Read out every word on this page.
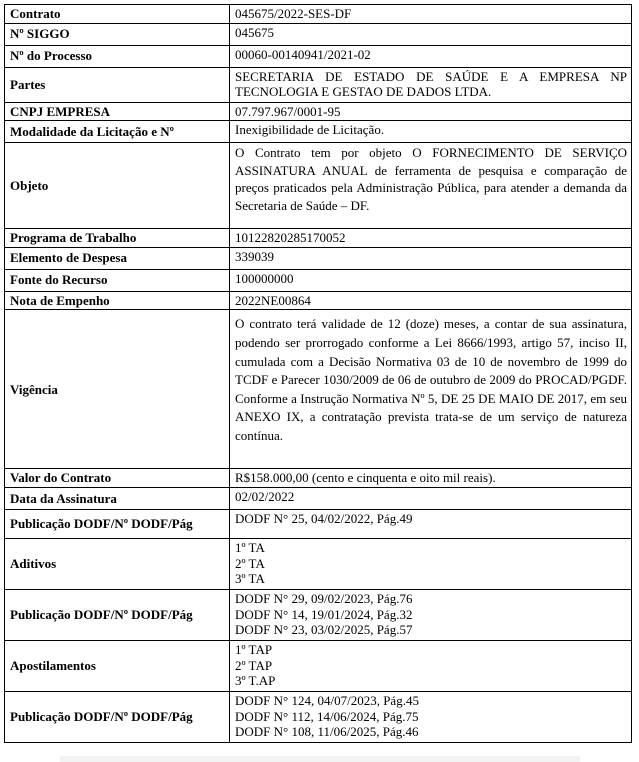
Contrato	045675/2022-SES-DF

Nº SIGGO	045675

Nº do Processo	00060-00140941/2021-02

Partes	SECRETARIA DE ESTADO DE SAÚDE E A EMPRESA NP TECNOLOGIA E GESTAO DE DADOS LTDA.

CNPJ EMPRESA	07.797.967/0001-95

Modalidade da Licitação e Nº	Inexigibilidade de Licitação.

Objeto	O Contrato tem por objeto O FORNECIMENTO DE SERVIÇO ASSINATURA ANUAL de ferramenta de pesquisa e comparação de preços praticados pela Administração Pública, para atender a demanda da Secretaria de Saúde – DF.

Programa de Trabalho	10122820285170052

Elemento de Despesa	339039

Fonte do Recurso	100000000

Nota de Empenho	2022NE00864

Vigência	O contrato terá validade de 12 (doze) meses, a contar de sua assinatura, podendo ser prorrogado conforme a Lei 8666/1993, artigo 57, inciso II, cumulada com a Decisão Normativa 03 de 10 de novembro de 1999 do TCDF e Parecer 1030/2009 de 06 de outubro de 2009 do PROCAD/PGDF. Conforme a Instrução Normativa Nº 5, DE 25 DE MAIO DE 2017, em seu ANEXO IX, a contratação prevista trata-se de um serviço de natureza contínua.

Valor do Contrato	R$158.000,00 (cento e cinquenta e oito mil reais).

Data da Assinatura	02/02/2022

Publicação DODF/Nº DODF/Pág	DODF N° 25, 04/02/2022, Pág.49

Aditivos	1º TA
2º TA
3º TA

Publicação DODF/Nº DODF/Pág	DODF N° 29, 09/02/2023, Pág.76
DODF N° 14, 19/01/2024, Pág.32
DODF N° 23, 03/02/2025, Pág.57

Apostilamentos	1º TAP
2º TAP
3º T.AP

Publicação DODF/Nº DODF/Pág	DODF N° 124, 04/07/2023, Pág.45
DODF N° 112, 14/06/2024, Pág.75
DODF N° 108, 11/06/2025, Pág.46
